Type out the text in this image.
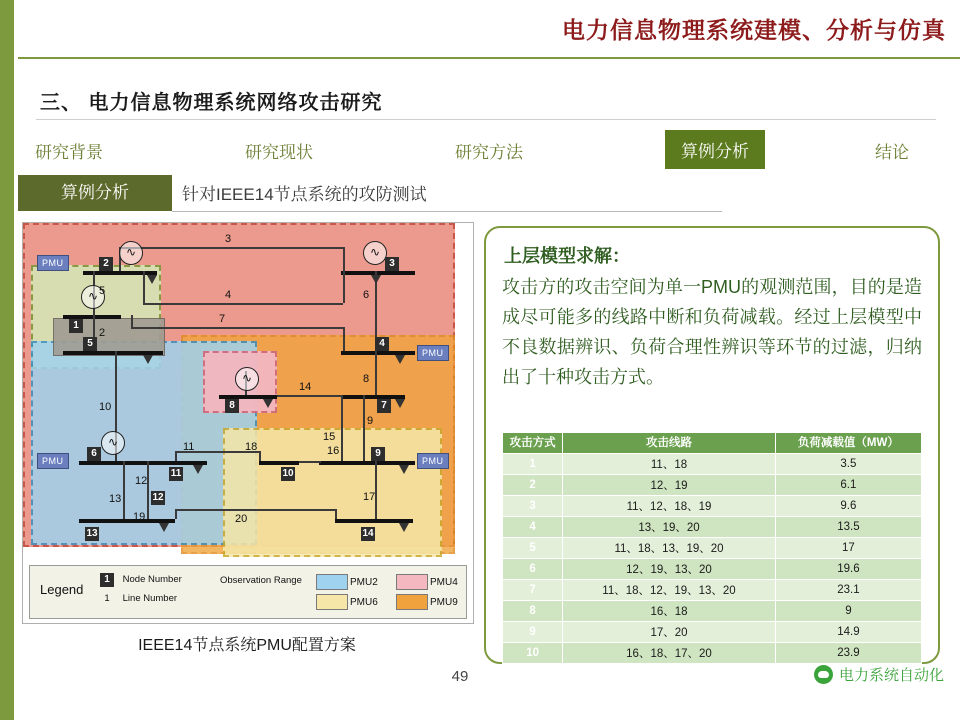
电力信息物理系统建模、分析与仿真
三、 电力信息物理系统网络攻击研究
研究背景	研究现状	研究方法	算例分析	结论
算例分析	针对IEEE14节点系统的攻防测试
∿
∿
∿
∿
∿
2
1
3
5	4
8	7
6	9
10
11
12
13	14
3
4
7
5
2
6
14
8
9
15
10
11	18	16
12
13
19	20
17
PMU
PMU
PMU	PMU
Legend
1 Node Number
1 Line Number
Observation Range	PMU2
PMU6
PMU4
PMU9
IEEE14节点系统PMU配置方案
上层模型求解：
攻击方的攻击空间为单一PMU的观测范围，目的是造成尽可能多的线路中断和负荷减载。经过上层模型中不良数据辨识、负荷合理性辨识等环节的过滤，归纳出了十种攻击方式。
攻击方式	攻击线路	负荷减载值（MW）
1	11、18	3.5
2	12、19	6.1
3	11、12、18、19	9.6
4	13、19、20	13.5
5	11、18、13、19、20	17
6	12、19、13、20	19.6
7	11、18、12、19、13、20	23.1
8	16、18	9
9	17、20	14.9
10	16、18、17、20	23.9
49	电力系统自动化
